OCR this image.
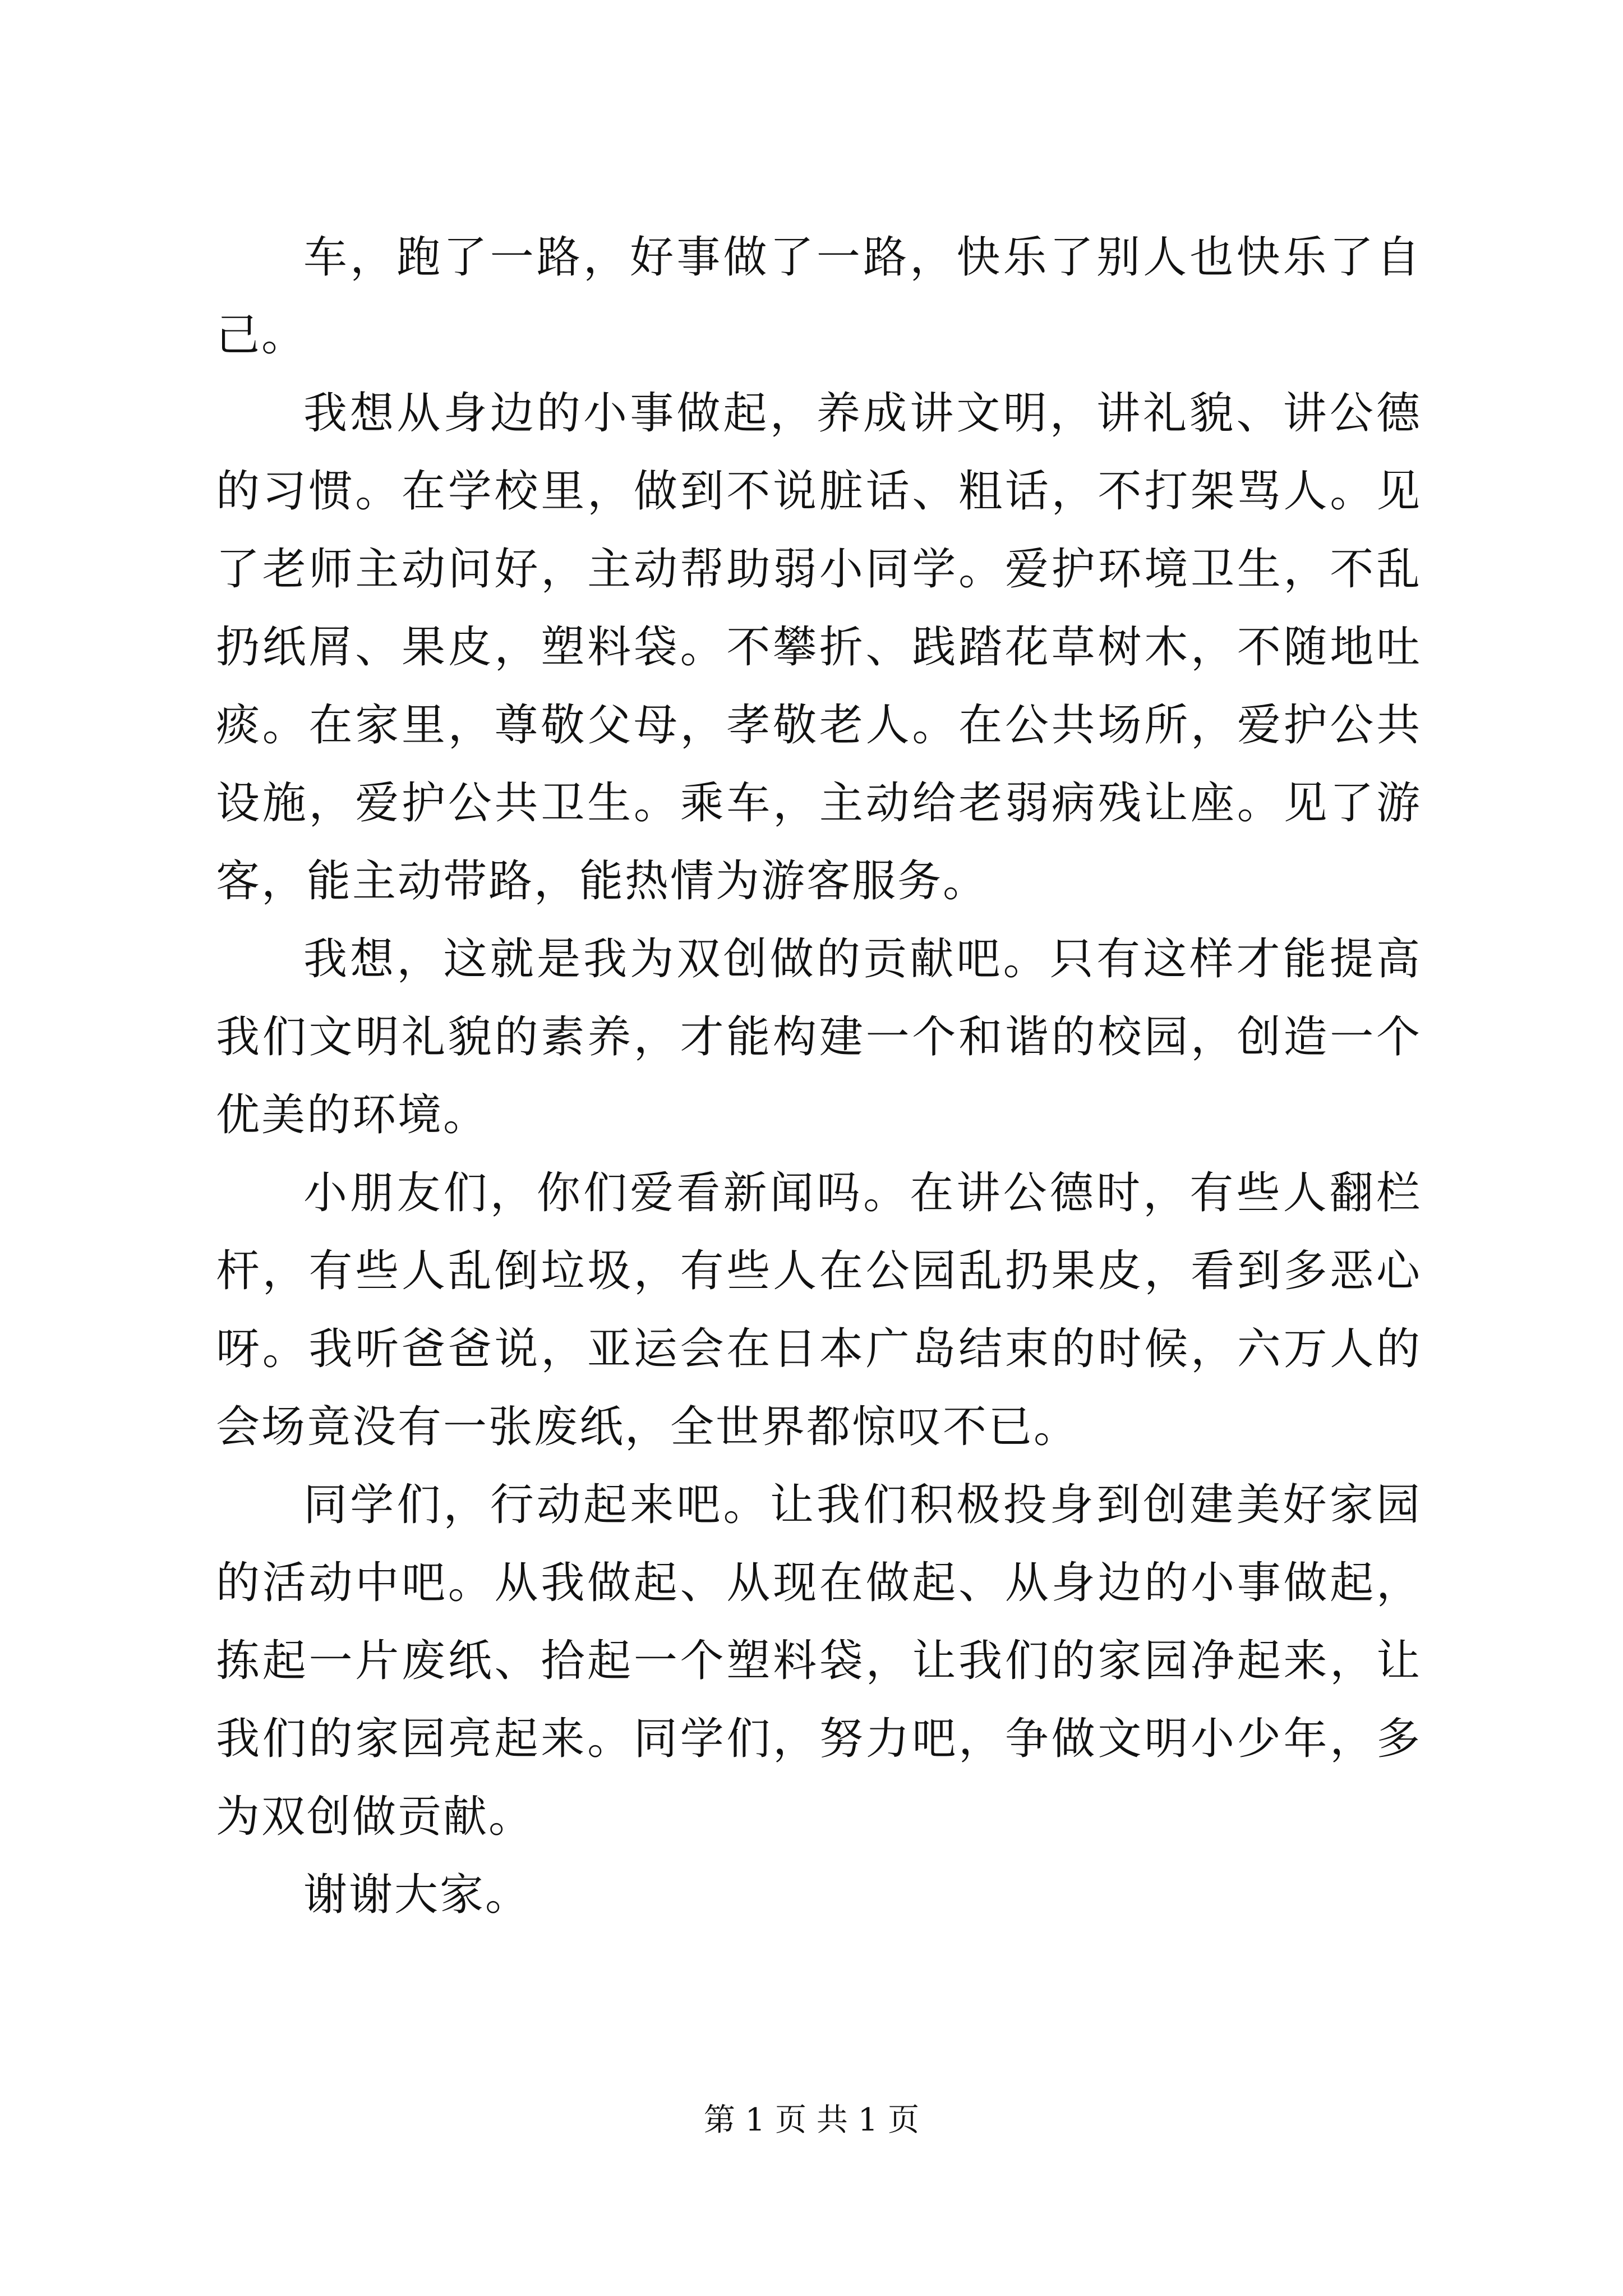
车，跑了一路，好事做了一路，快乐了别人也快乐了自己。

我想从身边的小事做起，养成讲文明，讲礼貌、讲公德的习惯。在学校里，做到不说脏话、粗话，不打架骂人。见了老师主动问好，主动帮助弱小同学。爱护环境卫生，不乱扔纸屑、果皮，塑料袋。不攀折、践踏花草树木，不随地吐痰。在家里，尊敬父母，孝敬老人。在公共场所，爱护公共设施，爱护公共卫生。乘车，主动给老弱病残让座。见了游客，能主动带路，能热情为游客服务。

我想，这就是我为双创做的贡献吧。只有这样才能提高我们文明礼貌的素养，才能构建一个和谐的校园，创造一个优美的环境。

小朋友们，你们爱看新闻吗。在讲公德时，有些人翻栏杆，有些人乱倒垃圾，有些人在公园乱扔果皮，看到多恶心呀。我听爸爸说，亚运会在日本广岛结束的时候，六万人的会场竟没有一张废纸，全世界都惊叹不已。

同学们，行动起来吧。让我们积极投身到创建美好家园的活动中吧。从我做起、从现在做起、从身边的小事做起，拣起一片废纸、拾起一个塑料袋，让我们的家园净起来，让我们的家园亮起来。同学们，努力吧，争做文明小少年，多为双创做贡献。

谢谢大家。

第 1 页 共 1 页
